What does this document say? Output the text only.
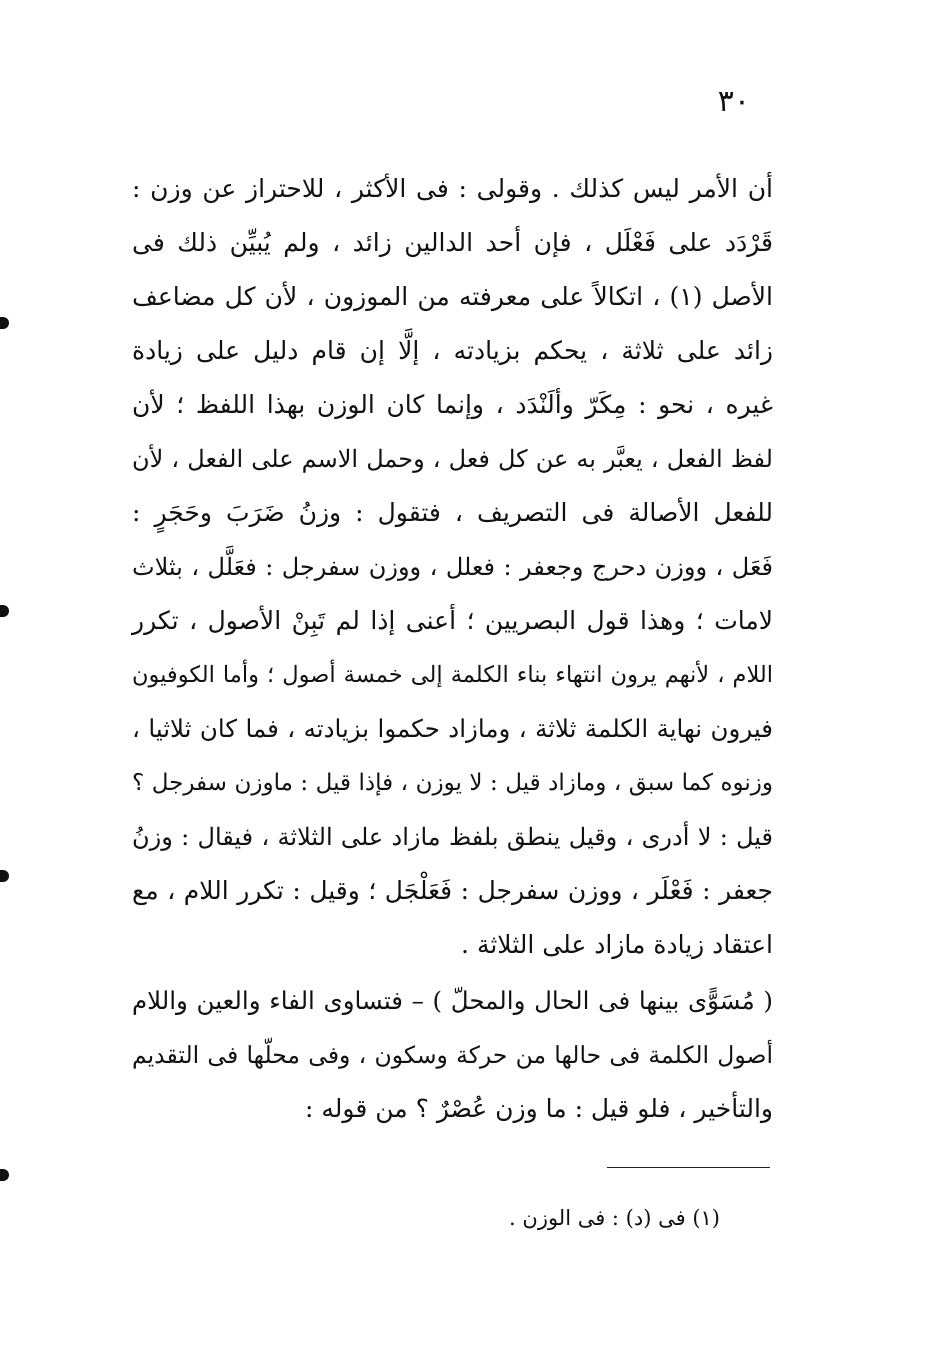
٣٠
أن الأمر ليس كذلك . وقولى : فى الأكثر ، للاحتراز عن وزن :
قَرْدَد على فَعْلَل ، فإن أحد الدالين زائد ، ولم يُبيِّن ذلك فى
الأصل (١) ، اتكالاً على معرفته من الموزون ، لأن كل مضاعف
زائد على ثلاثة ، يحكم بزيادته ، إلَّا إن قام دليل على زيادة
غيره ، نحو : مِكَرّ وألَنْدَد ، وإنما كان الوزن بهذا اللفظ ؛ لأن
لفظ الفعل ، يعبَّر به عن كل فعل ، وحمل الاسم على الفعل ، لأن
للفعل الأصالة فى التصريف ، فتقول : وزنُ ضَرَبَ وحَجَرٍ :
فَعَل ، ووزن دحرج وجعفر : فعلل ، ووزن سفرجل : فعَلَّل ، بثلاث
لامات ؛ وهذا قول البصريين ؛ أعنى إذا لم تَبِنْ الأصول ، تكرر
اللام ، لأنهم يرون انتهاء بناء الكلمة إلى خمسة أصول ؛ وأما الكوفيون
فيرون نهاية الكلمة ثلاثة ، ومازاد حكموا بزيادته ، فما كان ثلاثيا ،
وزنوه كما سبق ، ومازاد قيل : لا يوزن ، فإذا قيل : ماوزن سفرجل ؟
قيل : لا أدرى ، وقيل ينطق بلفظ مازاد على الثلاثة ، فيقال : وزنُ
جعفر : فَعْلَر ، ووزن سفرجل : فَعَلْجَل ؛ وقيل : تكرر اللام ، مع
اعتقاد زيادة مازاد على الثلاثة .
( مُسَوًّى بينها فى الحال والمحلّ ) – فتساوى الفاء والعين واللام
أصول الكلمة فى حالها من حركة وسكون ، وفى محلّها فى التقديم
والتأخير ، فلو قيل : ما وزن عُصْرٌ ؟ من قوله :
(١) فى (د) : فى الوزن .
